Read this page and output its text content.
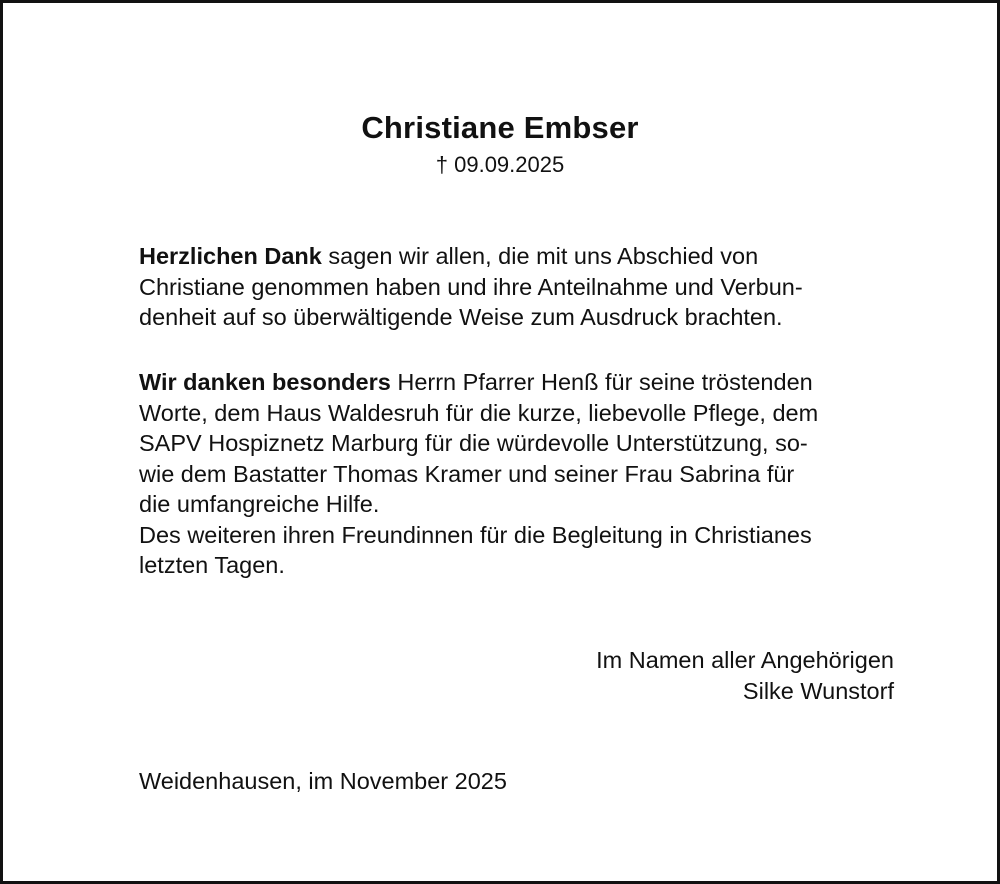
Christiane Embser
† 09.09.2025
Herzlichen Dank sagen wir allen, die mit uns Abschied von
Christiane genommen haben und ihre Anteilnahme und Verbun-
denheit auf so überwältigende Weise zum Ausdruck brachten.
Wir danken besonders Herrn Pfarrer Henß für seine tröstenden
Worte, dem Haus Waldesruh für die kurze, liebevolle Pflege, dem
SAPV Hospiznetz Marburg für die würdevolle Unterstützung, so-
wie dem Bastatter Thomas Kramer und seiner Frau Sabrina für
die umfangreiche Hilfe.
Des weiteren ihren Freundinnen für die Begleitung in Christianes
letzten Tagen.
Im Namen aller Angehörigen
Silke Wunstorf
Weidenhausen, im November 2025
